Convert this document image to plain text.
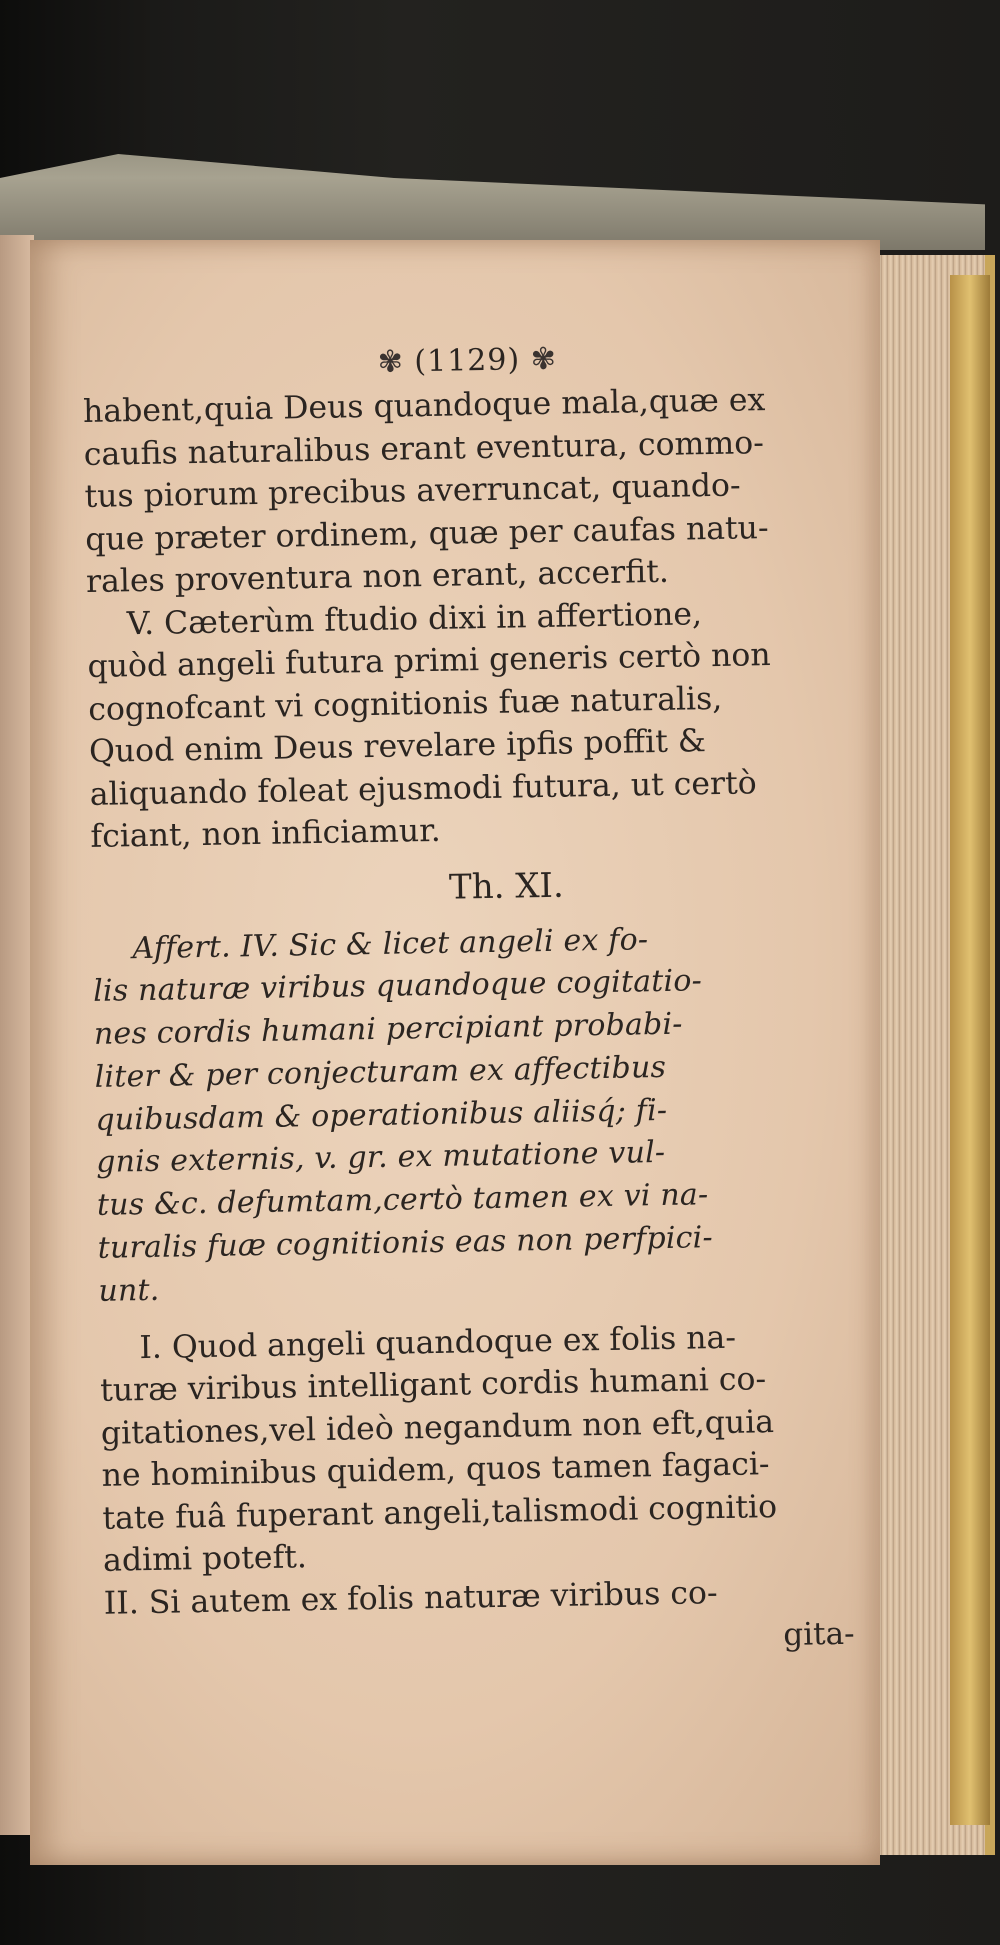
✾ (1129) ✾
habent,quia Deus quandoque mala,quæ ex
caufis naturalibus erant eventura, commo-
tus piorum precibus averruncat, quando-
que præter ordinem, quæ per caufas natu-
rales proventura non erant, accerfit.
V. Cæterùm ftudio dixi in affertione,
quòd angeli futura primi generis certò non
cognofcant vi cognitionis fuæ naturalis,
Quod enim Deus revelare ipfis poffit &
aliquando foleat ejusmodi futura, ut certò
fciant, non inficiamur.
Th. XI.
Affert. IV. Sic & licet angeli ex fo-
lis naturæ viribus quandoque cogitatio-
nes cordis humani percipiant probabi-
liter & per conjecturam ex affectibus
quibusdam & operationibus aliisq́; fi-
gnis externis, v. gr. ex mutatione vul-
tus &c. defumtam,certò tamen ex vi na-
turalis fuæ cognitionis eas non perfpici-
unt.
I. Quod angeli quandoque ex folis na-
turæ viribus intelligant cordis humani co-
gitationes,vel ideò negandum non eft,quia
ne hominibus quidem, quos tamen fagaci-
tate fuâ fuperant angeli,talismodi cognitio
adimi poteft.
II. Si autem ex folis naturæ viribus co-
gita-
